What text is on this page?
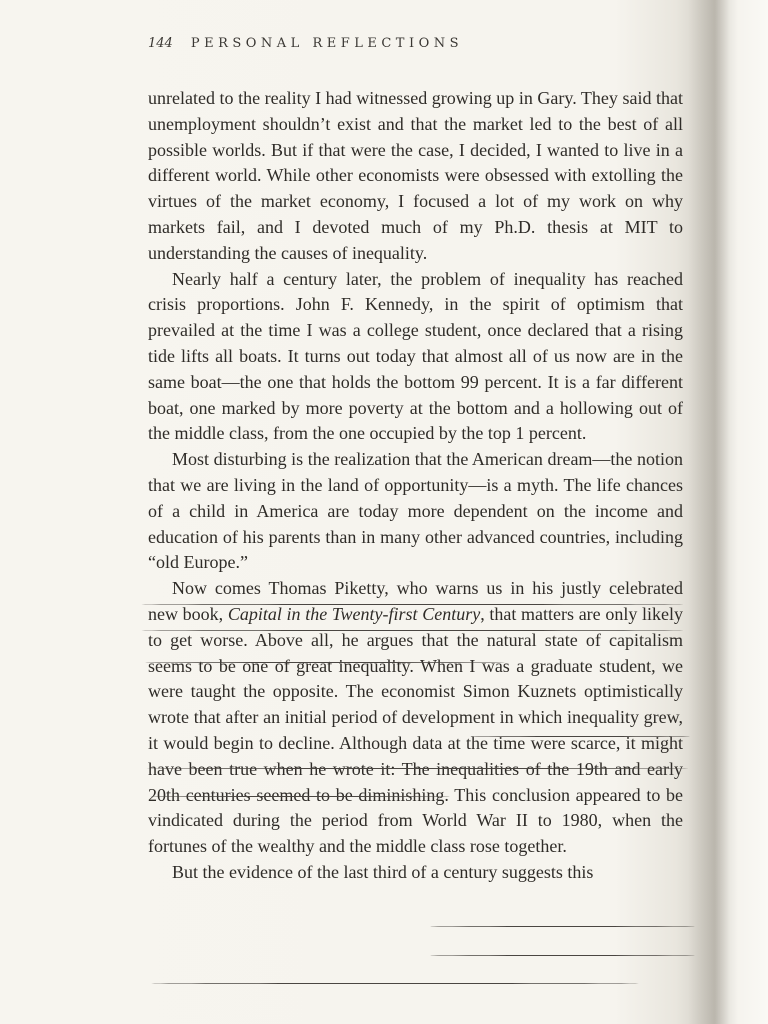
144 PERSONAL REFLECTIONS

unrelated to the reality I had witnessed growing up in Gary. They said that unemployment shouldn’t exist and that the market led to the best of all possible worlds. But if that were the case, I decided, I wanted to live in a different world. While other economists were obsessed with extolling the virtues of the market economy, I focused a lot of my work on why markets fail, and I devoted much of my Ph.D. thesis at MIT to understanding the causes of inequality.

Nearly half a century later, the problem of inequality has reached crisis proportions. John F. Kennedy, in the spirit of optimism that prevailed at the time I was a college student, once declared that a rising tide lifts all boats. It turns out today that almost all of us now are in the same boat—the one that holds the bottom 99 percent. It is a far different boat, one marked by more poverty at the bottom and a hollowing out of the middle class, from the one occupied by the top 1 percent.

Most disturbing is the realization that the American dream—the notion that we are living in the land of opportunity—is a myth. The life chances of a child in America are today more dependent on the income and education of his parents than in many other advanced countries, including “old Europe.”

Now comes Thomas Piketty, who warns us in his justly celebrated new book, Capital in the Twenty-first Century, that matters are only likely to get worse. Above all, he argues that the natural state of capitalism seems to be one of great inequality. When I was a graduate student, we were taught the opposite. The economist Simon Kuznets optimistically wrote that after an initial period of development in which inequality grew, it would begin to decline. Although data at the time were scarce, it might have been true when he wrote it: The inequalities of the 19th and early 20th centuries seemed to be diminishing. This conclusion appeared to be vindicated during the period from World War II to 1980, when the fortunes of the wealthy and the middle class rose together.

But the evidence of the last third of a century suggests this
